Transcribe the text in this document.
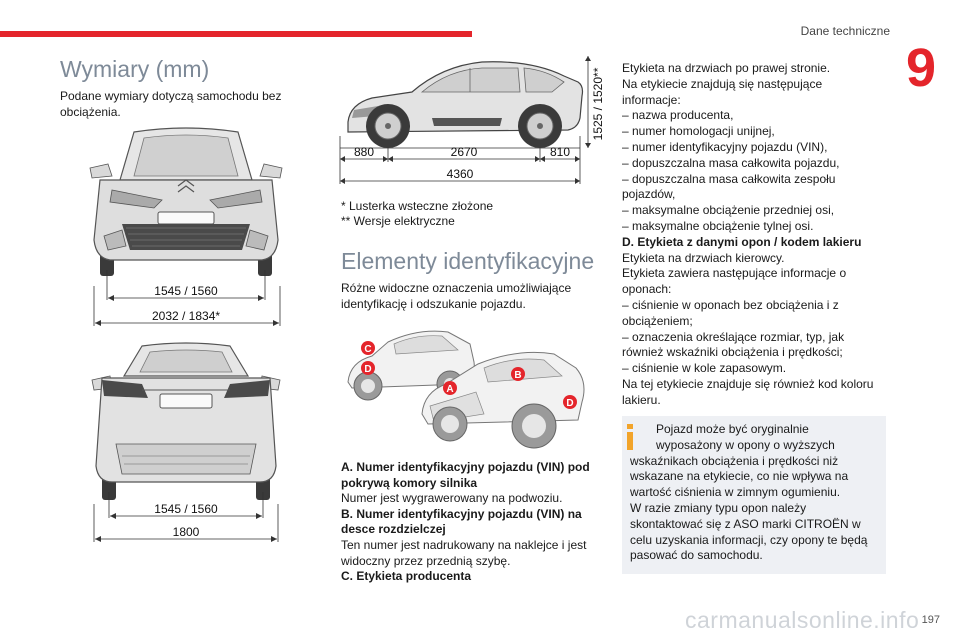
Dane techniczne
9
Wymiary (mm)
Podane wymiary dotyczą samochodu bez
obciążenia.
1545 / 1560
2032 / 1834*
1545 / 1560
1800
880	2670	810
4360
1525 / 1520**
* Lusterka wsteczne złożone
** Wersje elektryczne
Elementy identyfikacyjne
Różne widoczne oznaczenia umożliwiające
identyfikację i odszukanie pojazdu.
C
D
A
B
D
A. Numer identyfikacyjny pojazdu (VIN) pod
pokrywą komory silnika
Numer jest wygrawerowany na podwoziu.
B. Numer identyfikacyjny pojazdu (VIN) na
desce rozdzielczej
Ten numer jest nadrukowany na naklejce i jest
widoczny przez przednią szybę.
C. Etykieta producenta
Etykieta na drzwiach po prawej stronie.
Na etykiecie znajdują się następujące
informacje:
– nazwa producenta,
– numer homologacji unijnej,
– numer identyfikacyjny pojazdu (VIN),
– dopuszczalna masa całkowita pojazdu,
– dopuszczalna masa całkowita zespołu
pojazdów,
– maksymalne obciążenie przedniej osi,
– maksymalne obciążenie tylnej osi.
D. Etykieta z danymi opon / kodem lakieru
Etykieta na drzwiach kierowcy.
Etykieta zawiera następujące informacje o
oponach:
– ciśnienie w oponach bez obciążenia i z
obciążeniem;
– oznaczenia określające rozmiar, typ, jak
również wskaźniki obciążenia i prędkości;
– ciśnienie w kole zapasowym.
Na tej etykiecie znajduje się również kod koloru
lakieru.
Pojazd może być oryginalnie
wyposażony w opony o wyższych
wskaźnikach obciążenia i prędkości niż
wskazane na etykiecie, co nie wpływa na
wartość ciśnienia w zimnym ogumieniu.
W razie zmiany typu opon należy
skontaktować się z ASO marki CITROËN w
celu uzyskania informacji, czy opony te będą
pasować do samochodu.
carmanualsonline.info 197
